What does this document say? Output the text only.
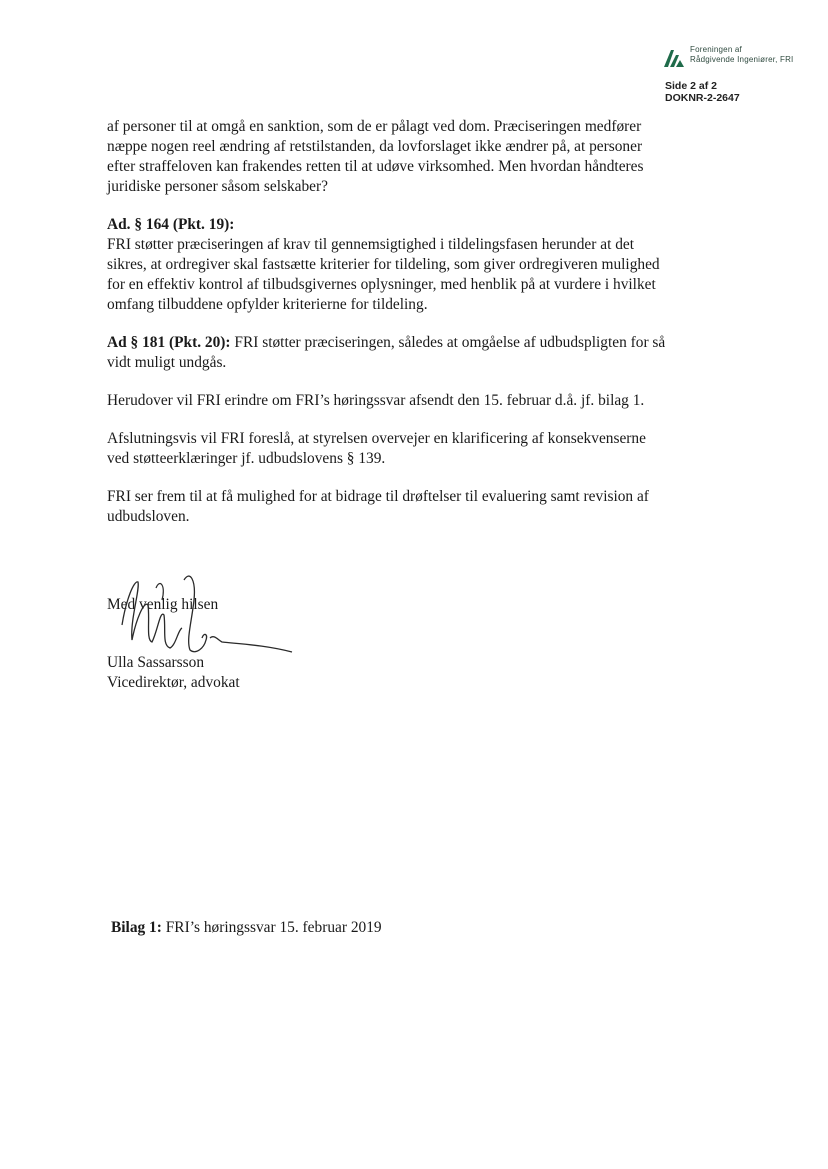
Foreningen af
Rådgivende Ingeniører, FRI
Side 2 af 2
DOKNR-2-2647

af personer til at omgå en sanktion, som de er pålagt ved dom. Præciseringen medfører næppe nogen reel ændring af retstilstanden, da lovforslaget ikke ændrer på, at personer efter straffeloven kan frakendes retten til at udøve virksomhed. Men hvordan håndteres juridiske personer såsom selskaber?

Ad. § 164 (Pkt. 19):
FRI støtter præciseringen af krav til gennemsigtighed i tildelingsfasen herunder at det sikres, at ordregiver skal fastsætte kriterier for tildeling, som giver ordregiveren mulighed for en effektiv kontrol af tilbudsgivernes oplysninger, med henblik på at vurdere i hvilket omfang tilbuddene opfylder kriterierne for tildeling.

Ad § 181 (Pkt. 20): FRI støtter præciseringen, således at omgåelse af udbudspligten for så vidt muligt undgås.

Herudover vil FRI erindre om FRI’s høringssvar afsendt den 15. februar d.å. jf. bilag 1.

Afslutningsvis vil FRI foreslå, at styrelsen overvejer en klarificering af konsekvenserne ved støtteerklæringer jf. udbudslovens § 139.

FRI ser frem til at få mulighed for at bidrage til drøftelser til evaluering samt revision af udbudsloven.

Med venlig hilsen
Ulla Sassarsson
Vicedirektør, advokat
Bilag 1: FRI’s høringssvar 15. februar 2019
